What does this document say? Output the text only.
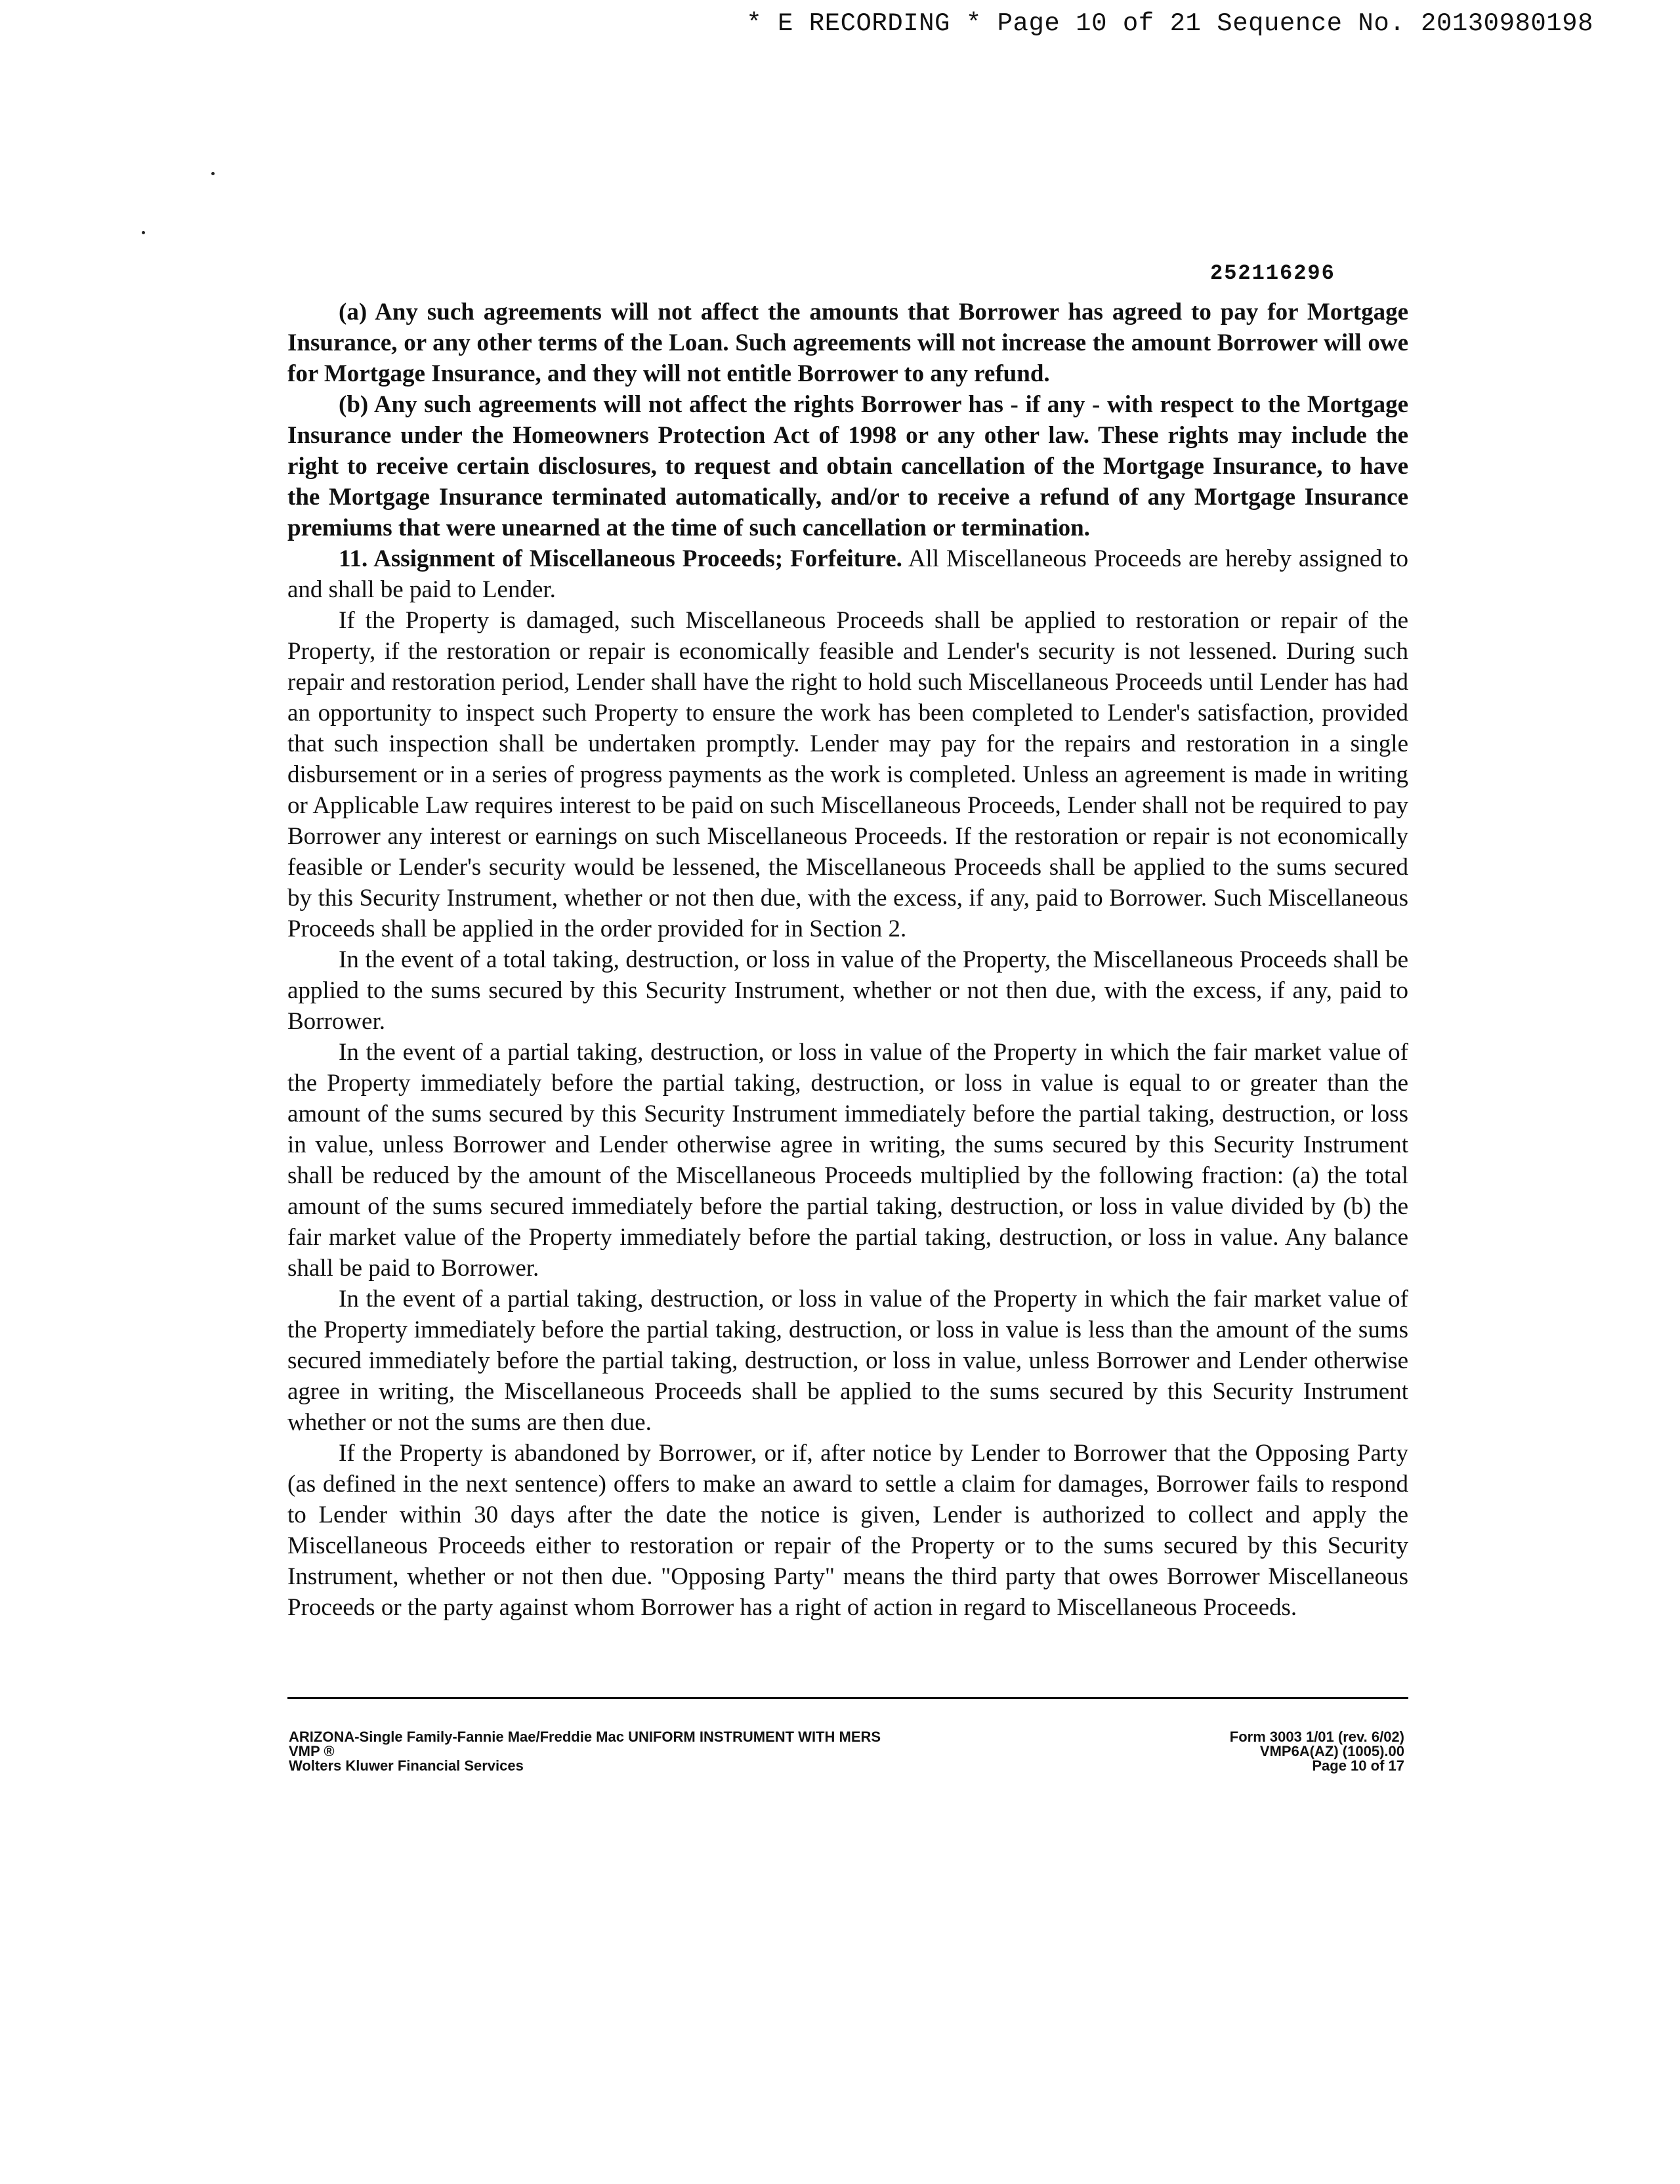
* E RECORDING * Page 10 of 21 Sequence No. 20130980198
252116296

(a) Any such agreements will not affect the amounts that Borrower has agreed to pay for Mortgage Insurance, or any other terms of the Loan. Such agreements will not increase the amount Borrower will owe for Mortgage Insurance, and they will not entitle Borrower to any refund.

(b) Any such agreements will not affect the rights Borrower has - if any - with respect to the Mortgage Insurance under the Homeowners Protection Act of 1998 or any other law. These rights may include the right to receive certain disclosures, to request and obtain cancellation of the Mortgage Insurance, to have the Mortgage Insurance terminated automatically, and/or to receive a refund of any Mortgage Insurance premiums that were unearned at the time of such cancellation or termination.

11. Assignment of Miscellaneous Proceeds; Forfeiture. All Miscellaneous Proceeds are hereby assigned to and shall be paid to Lender.

If the Property is damaged, such Miscellaneous Proceeds shall be applied to restoration or repair of the Property, if the restoration or repair is economically feasible and Lender's security is not lessened. During such repair and restoration period, Lender shall have the right to hold such Miscellaneous Proceeds until Lender has had an opportunity to inspect such Property to ensure the work has been completed to Lender's satisfaction, provided that such inspection shall be undertaken promptly. Lender may pay for the repairs and restoration in a single disbursement or in a series of progress payments as the work is completed. Unless an agreement is made in writing or Applicable Law requires interest to be paid on such Miscellaneous Proceeds, Lender shall not be required to pay Borrower any interest or earnings on such Miscellaneous Proceeds. If the restoration or repair is not economically feasible or Lender's security would be lessened, the Miscellaneous Proceeds shall be applied to the sums secured by this Security Instrument, whether or not then due, with the excess, if any, paid to Borrower. Such Miscellaneous Proceeds shall be applied in the order provided for in Section 2.

In the event of a total taking, destruction, or loss in value of the Property, the Miscellaneous Proceeds shall be applied to the sums secured by this Security Instrument, whether or not then due, with the excess, if any, paid to Borrower.

In the event of a partial taking, destruction, or loss in value of the Property in which the fair market value of the Property immediately before the partial taking, destruction, or loss in value is equal to or greater than the amount of the sums secured by this Security Instrument immediately before the partial taking, destruction, or loss in value, unless Borrower and Lender otherwise agree in writing, the sums secured by this Security Instrument shall be reduced by the amount of the Miscellaneous Proceeds multiplied by the following fraction: (a) the total amount of the sums secured immediately before the partial taking, destruction, or loss in value divided by (b) the fair market value of the Property immediately before the partial taking, destruction, or loss in value. Any balance shall be paid to Borrower.

In the event of a partial taking, destruction, or loss in value of the Property in which the fair market value of the Property immediately before the partial taking, destruction, or loss in value is less than the amount of the sums secured immediately before the partial taking, destruction, or loss in value, unless Borrower and Lender otherwise agree in writing, the Miscellaneous Proceeds shall be applied to the sums secured by this Security Instrument whether or not the sums are then due.

If the Property is abandoned by Borrower, or if, after notice by Lender to Borrower that the Opposing Party (as defined in the next sentence) offers to make an award to settle a claim for damages, Borrower fails to respond to Lender within 30 days after the date the notice is given, Lender is authorized to collect and apply the Miscellaneous Proceeds either to restoration or repair of the Property or to the sums secured by this Security Instrument, whether or not then due. "Opposing Party" means the third party that owes Borrower Miscellaneous Proceeds or the party against whom Borrower has a right of action in regard to Miscellaneous Proceeds.

ARIZONA-Single Family-Fannie Mae/Freddie Mac UNIFORM INSTRUMENT WITH MERS
VMP ®
Wolters Kluwer Financial Services
Form 3003 1/01 (rev. 6/02)
VMP6A(AZ) (1005).00
Page 10 of 17
